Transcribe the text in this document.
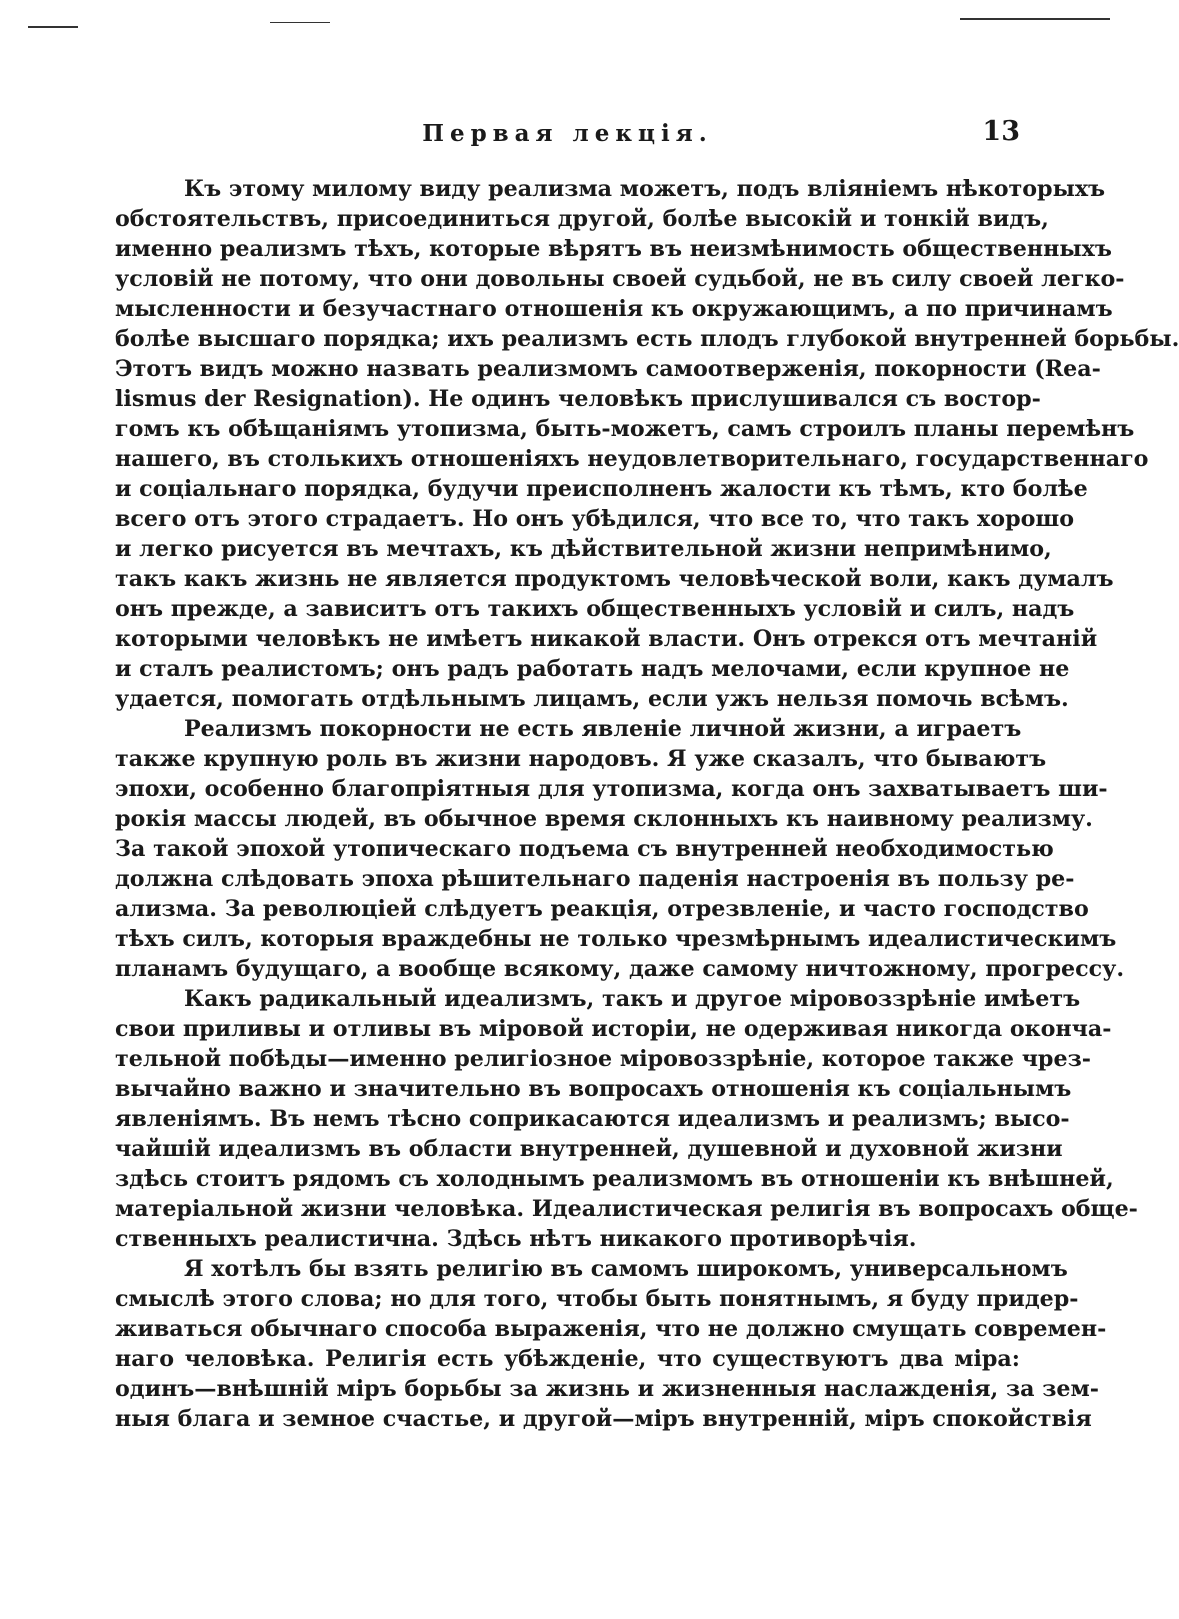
Первая лекція.	13
Къ этому милому виду реализма можетъ, подъ вліяніемъ нѣкоторыхъ
обстоятельствъ, присоединиться другой, болѣе высокій и тонкій видъ,
именно реализмъ тѣхъ, которые вѣрятъ въ неизмѣнимость общественныхъ
условій не потому, что они довольны своей судьбой, не въ силу своей легко-
мысленности и безучастнаго отношенія къ окружающимъ, а по причинамъ
болѣе высшаго порядка; ихъ реализмъ есть плодъ глубокой внутренней борьбы.
Этотъ видъ можно назвать реализмомъ самоотверженія, покорности (Rea-
lismus der Resignation). Не одинъ человѣкъ прислушивался съ востор-
гомъ къ обѣщаніямъ утопизма, быть-можетъ, самъ строилъ планы перемѣнъ
нашего, въ столькихъ отношеніяхъ неудовлетворительнаго, государственнаго
и соціальнаго порядка, будучи преисполненъ жалости къ тѣмъ, кто болѣе
всего отъ этого страдаетъ. Но онъ убѣдился, что все то, что такъ хорошо
и легко рисуется въ мечтахъ, къ дѣйствительной жизни непримѣнимо,
такъ какъ жизнь не является продуктомъ человѣческой воли, какъ думалъ
онъ прежде, а зависитъ отъ такихъ общественныхъ условій и силъ, надъ
которыми человѣкъ не имѣетъ никакой власти. Онъ отрекся отъ мечтаній
и сталъ реалистомъ; онъ радъ работать надъ мелочами, если крупное не
удается, помогать отдѣльнымъ лицамъ, если ужъ нельзя помочь всѣмъ.
Реализмъ покорности не есть явленіе личной жизни, а играетъ
также крупную роль въ жизни народовъ. Я уже сказалъ, что бываютъ
эпохи, особенно благопріятныя для утопизма, когда онъ захватываетъ ши-
рокія массы людей, въ обычное время склонныхъ къ наивному реализму.
За такой эпохой утопическаго подъема съ внутренней необходимостью
должна слѣдовать эпоха рѣшительнаго паденія настроенія въ пользу ре-
ализма. За революціей слѣдуетъ реакція, отрезвленіе, и часто господство
тѣхъ силъ, которыя враждебны не только чрезмѣрнымъ идеалистическимъ
планамъ будущаго, а вообще всякому, даже самому ничтожному, прогрессу.
Какъ радикальный идеализмъ, такъ и другое міровоззрѣніе имѣетъ
свои приливы и отливы въ міровой исторіи, не одерживая никогда оконча-
тельной побѣды—именно религіозное міровоззрѣніе, которое также чрез-
вычайно важно и значительно въ вопросахъ отношенія къ соціальнымъ
явленіямъ. Въ немъ тѣсно соприкасаются идеализмъ и реализмъ; высо-
чайшій идеализмъ въ области внутренней, душевной и духовной жизни
здѣсь стоитъ рядомъ съ холоднымъ реализмомъ въ отношеніи къ внѣшней,
матеріальной жизни человѣка. Идеалистическая религія въ вопросахъ обще-
ственныхъ реалистична. Здѣсь нѣтъ никакого противорѣчія.
Я хотѣлъ бы взять религію въ самомъ широкомъ, универсальномъ
смыслѣ этого слова; но для того, чтобы быть понятнымъ, я буду придер-
живаться обычнаго способа выраженія, что не должно смущать современ-
наго человѣка. Религія есть убѣжденіе, что существуютъ два міра:
одинъ—внѣшній міръ борьбы за жизнь и жизненныя наслажденія, за зем-
ныя блага и земное счастье, и другой—міръ внутренній, міръ спокойствія
